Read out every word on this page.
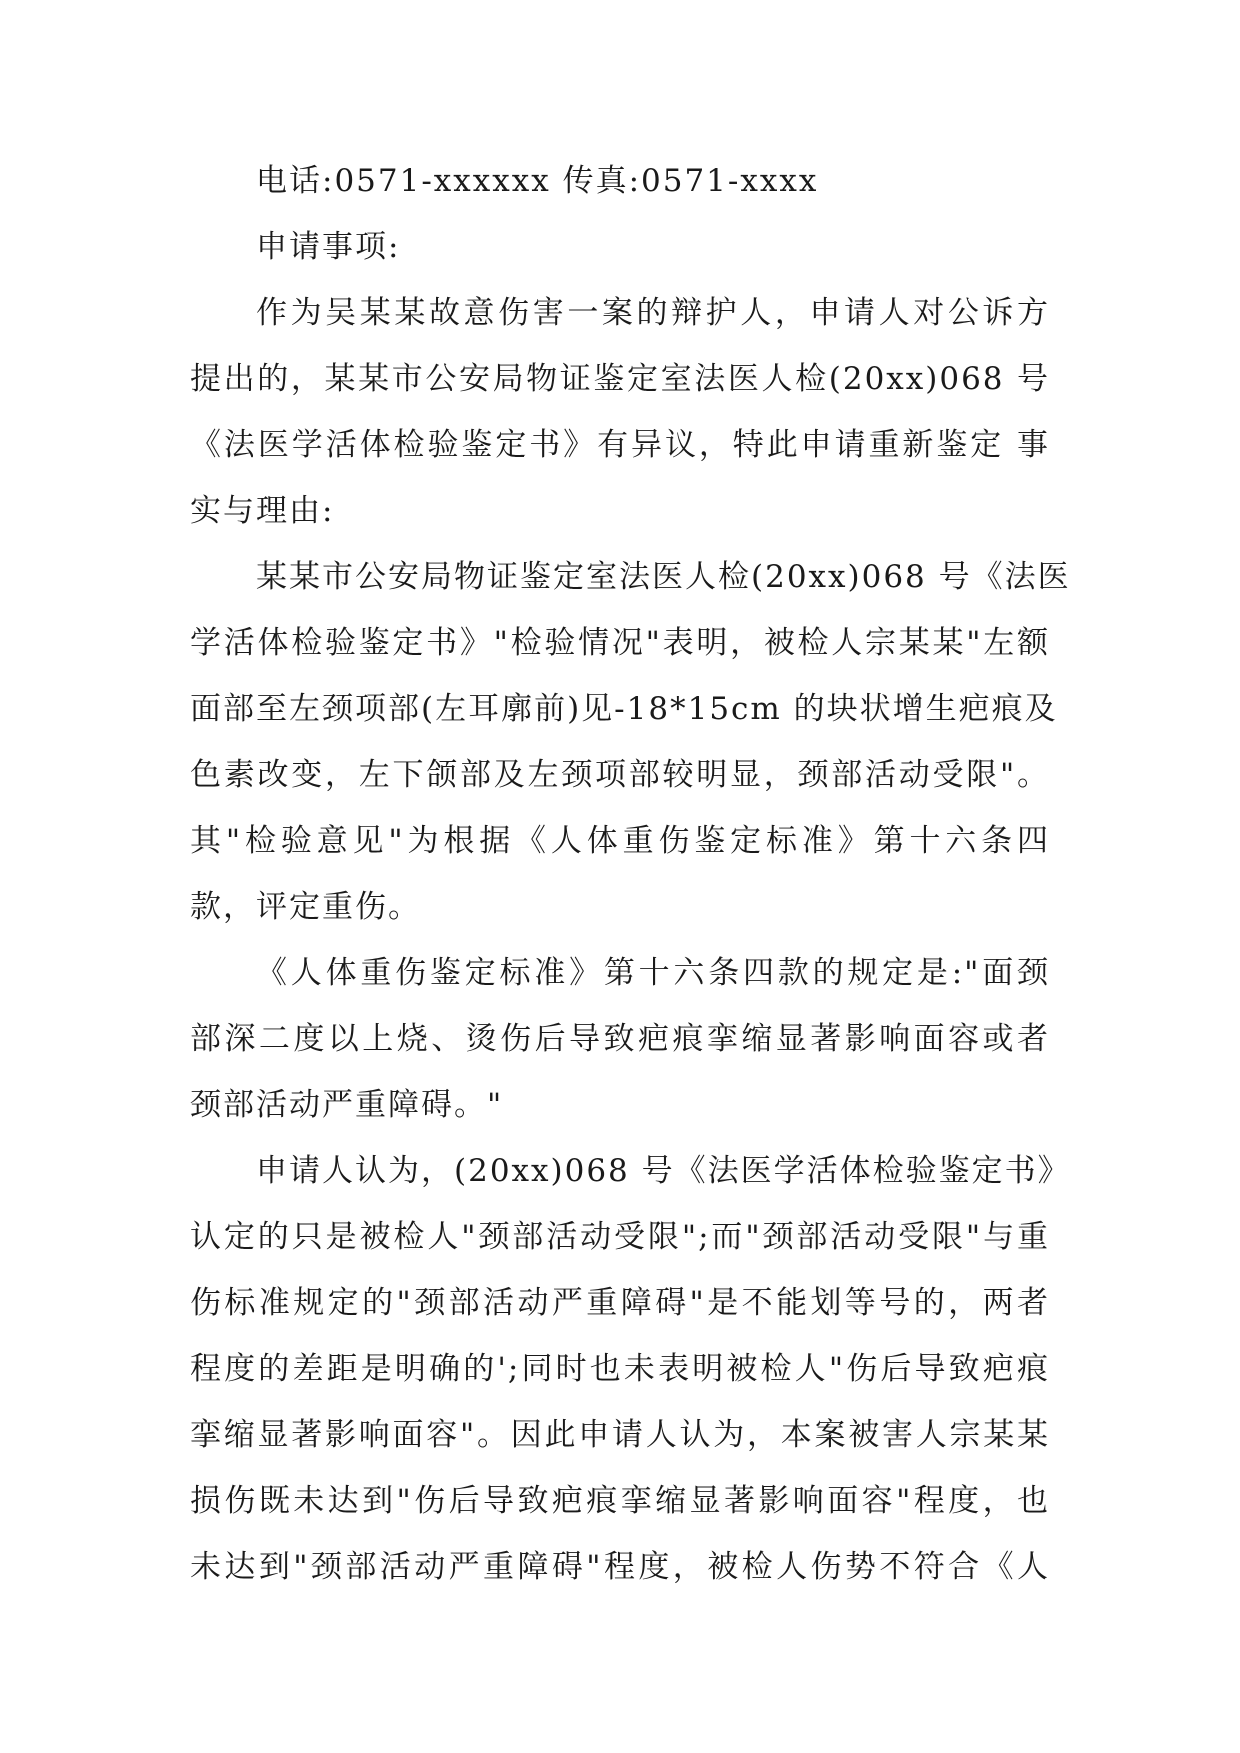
电话:0571-xxxxxx 传真:0571-xxxx
申请事项:
作为吴某某故意伤害一案的辩护人，申请人对公诉方
提出的，某某市公安局物证鉴定室法医人检(20xx)068 号
《法医学活体检验鉴定书》有异议，特此申请重新鉴定 事
实与理由:
某某市公安局物证鉴定室法医人检(20xx)068 号《法医
学活体检验鉴定书》"检验情况"表明，被检人宗某某"左额
面部至左颈项部(左耳廓前)见-18*15cm 的块状增生疤痕及
色素改变，左下颌部及左颈项部较明显，颈部活动受限"。
其"检验意见"为根据《人体重伤鉴定标准》第十六条四
款，评定重伤。
《人体重伤鉴定标准》第十六条四款的规定是:"面颈
部深二度以上烧、烫伤后导致疤痕挛缩显著影响面容或者
颈部活动严重障碍。"
申请人认为，(20xx)068 号《法医学活体检验鉴定书》
认定的只是被检人"颈部活动受限";而"颈部活动受限"与重
伤标准规定的"颈部活动严重障碍"是不能划等号的，两者
程度的差距是明确的';同时也未表明被检人"伤后导致疤痕
挛缩显著影响面容"。因此申请人认为，本案被害人宗某某
损伤既未达到"伤后导致疤痕挛缩显著影响面容"程度，也
未达到"颈部活动严重障碍"程度，被检人伤势不符合《人
